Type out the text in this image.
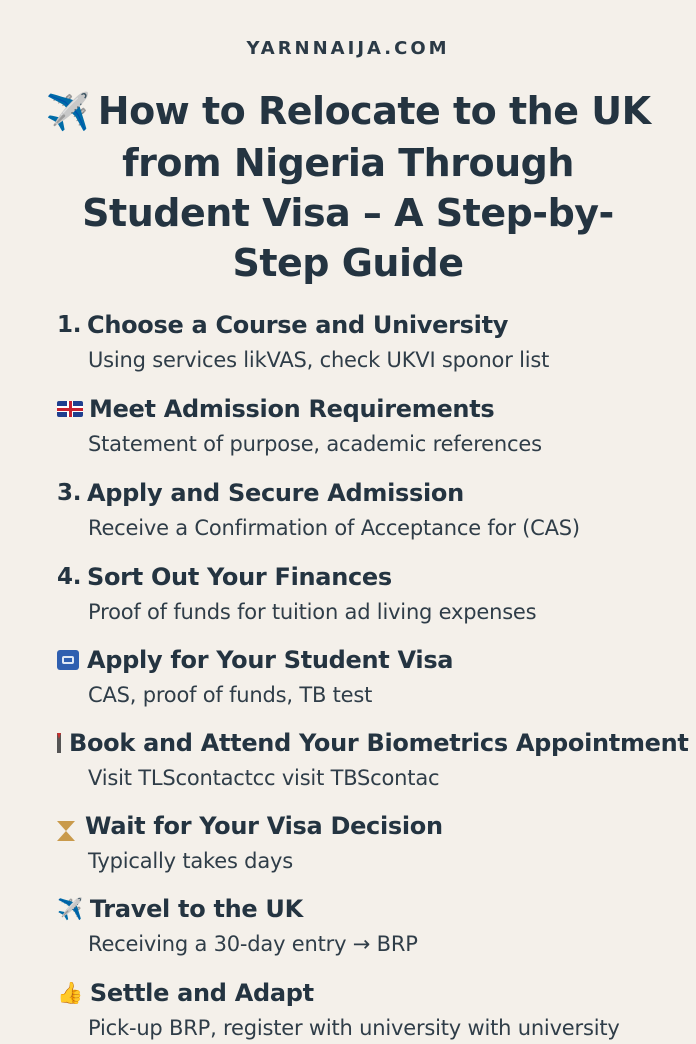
YARNNAIJA.COM
✈️ How to Relocate to the UK from Nigeria Through Student Visa – A Step-by-Step Guide
1. Choose a Course and University
Using services likVAS, check UKVI sponor list
Meet Admission Requirements
Statement of purpose, academic references
3. Apply and Secure Admission
Receive a Confirmation of Acceptance for (CAS)
4. Sort Out Your Finances
Proof of funds for tuition ad living expenses
Apply for Your Student Visa
CAS, proof of funds, TB test
Book and Attend Your Biometrics Appointment
Visit TLScontactcc visit TBScontac
Wait for Your Visa Decision
Typically takes days
✈️ Travel to the UK
Receiving a 30-day entry → BRP
👍 Settle and Adapt
Pick-up BRP, register with university with university
